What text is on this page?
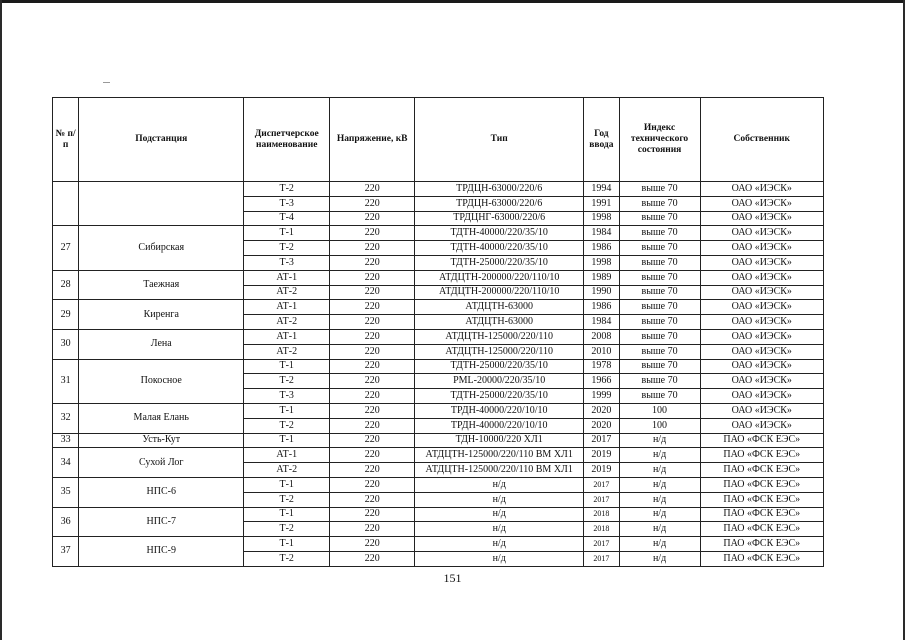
№ п/п	Подстанция	Диспетчерское наименование	Напряжение, кВ	Тип	Год ввода	Индекс технического состояния	Собственник
		Т-2	220	ТРДЦН-63000/220/6	1994	выше 70	ОАО «ИЭСК»
		Т-3	220	ТРДЦН-63000/220/6	1991	выше 70	ОАО «ИЭСК»
		Т-4	220	ТРДЦНГ-63000/220/6	1998	выше 70	ОАО «ИЭСК»
27	Сибирская	Т-1	220	ТДТН-40000/220/35/10	1984	выше 70	ОАО «ИЭСК»
		Т-2	220	ТДТН-40000/220/35/10	1986	выше 70	ОАО «ИЭСК»
		Т-3	220	ТДТН-25000/220/35/10	1998	выше 70	ОАО «ИЭСК»
28	Таежная	АТ-1	220	АТДЦТН-200000/220/110/10	1989	выше 70	ОАО «ИЭСК»
		АТ-2	220	АТДЦТН-200000/220/110/10	1990	выше 70	ОАО «ИЭСК»
29	Киренга	АТ-1	220	АТДЦТН-63000	1986	выше 70	ОАО «ИЭСК»
		АТ-2	220	АТДЦТН-63000	1984	выше 70	ОАО «ИЭСК»
30	Лена	АТ-1	220	АТДЦТН-125000/220/110	2008	выше 70	ОАО «ИЭСК»
		АТ-2	220	АТДЦТН-125000/220/110	2010	выше 70	ОАО «ИЭСК»
31	Покосное	Т-1	220	ТДТН-25000/220/35/10	1978	выше 70	ОАО «ИЭСК»
		Т-2	220	PML-20000/220/35/10	1966	выше 70	ОАО «ИЭСК»
		Т-3	220	ТДТН-25000/220/35/10	1999	выше 70	ОАО «ИЭСК»
32	Малая Елань	Т-1	220	ТРДН-40000/220/10/10	2020	100	ОАО «ИЭСК»
		Т-2	220	ТРДН-40000/220/10/10	2020	100	ОАО «ИЭСК»
33	Усть-Кут	Т-1	220	ТДН-10000/220 ХЛ1	2017	н/д	ПАО «ФСК ЕЭС»
34	Сухой Лог	АТ-1	220	АТДЦТН-125000/220/110 ВМ ХЛ1	2019	н/д	ПАО «ФСК ЕЭС»
		АТ-2	220	АТДЦТН-125000/220/110 ВМ ХЛ1	2019	н/д	ПАО «ФСК ЕЭС»
35	НПС-6	Т-1	220	н/д	2017	н/д	ПАО «ФСК ЕЭС»
		Т-2	220	н/д	2017	н/д	ПАО «ФСК ЕЭС»
36	НПС-7	Т-1	220	н/д	2018	н/д	ПАО «ФСК ЕЭС»
		Т-2	220	н/д	2018	н/д	ПАО «ФСК ЕЭС»
37	НПС-9	Т-1	220	н/д	2017	н/д	ПАО «ФСК ЕЭС»
		Т-2	220	н/д	2017	н/д	ПАО «ФСК ЕЭС»
151
